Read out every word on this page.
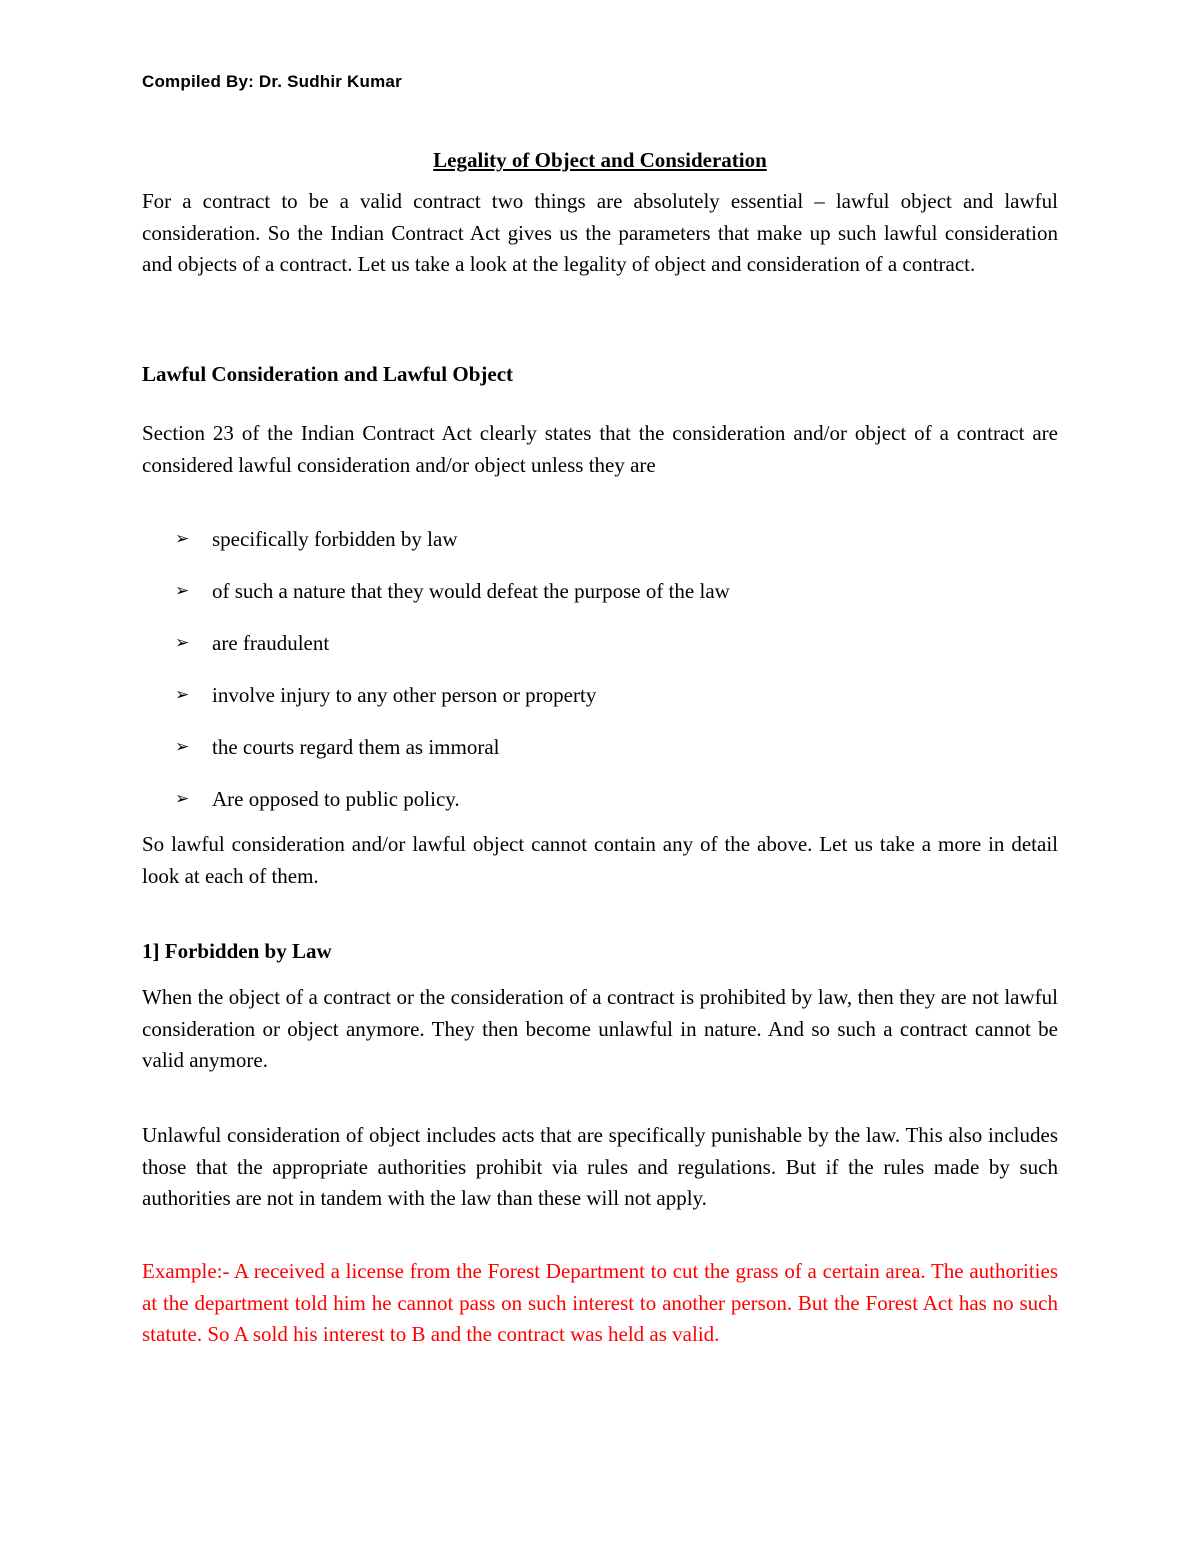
Compiled By: Dr. Sudhir Kumar
Legality of Object and Consideration

For a contract to be a valid contract two things are absolutely essential – lawful object and lawful consideration. So the Indian Contract Act gives us the parameters that make up such lawful consideration and objects of a contract. Let us take a look at the legality of object and consideration of a contract.

Lawful Consideration and Lawful Object

Section 23 of the Indian Contract Act clearly states that the consideration and/or object of a contract are considered lawful consideration and/or object unless they are

➢	specifically forbidden by law
➢	of such a nature that they would defeat the purpose of the law
➢	are fraudulent
➢	involve injury to any other person or property
➢	the courts regard them as immoral
➢	Are opposed to public policy.

So lawful consideration and/or lawful object cannot contain any of the above. Let us take a more in detail look at each of them.

1] Forbidden by Law

When the object of a contract or the consideration of a contract is prohibited by law, then they are not lawful consideration or object anymore. They then become unlawful in nature. And so such a contract cannot be valid anymore.

Unlawful consideration of object includes acts that are specifically punishable by the law. This also includes those that the appropriate authorities prohibit via rules and regulations. But if the rules made by such authorities are not in tandem with the law than these will not apply.

Example:- A received a license from the Forest Department to cut the grass of a certain area. The authorities at the department told him he cannot pass on such interest to another person. But the Forest Act has no such statute. So A sold his interest to B and the contract was held as valid.
